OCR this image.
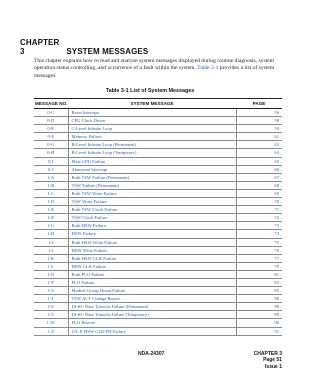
CHAPTER 3	SYSTEM MESSAGES
This chapter explains how to read and analyze system messages displayed during routine diagnosis, system operation status controlling, and occurrence of a fault within the system. Table 3-1 provides a list of system messages.
Table 3-1 List of System Messages
MESSAGE NO.	SYSTEM MESSAGE	PAGE
0-C	Reset Interrupt	56
0-D	CPU Clock Down	58
0-E	C-Level Infinite Loop	59
0-F	Memory Failure	61
0-G	B-Level Infinite Loop (Permanent)	63
0-H	B-Level Infinite Loop (Temporary)	64
0-I	Mate CPU Failure	65
0-J	Abnormal Interrupt	66
1-A	Both TSW Failure (Permanent)	67
1-B	TSW Failure (Permanent)	68
1-C	Both TSW Write Failure	69
1-D	TSW Write Failure	70
1-E	Both TSW Clock Failure	71
1-F	TSW Clock Failure	72
1-G	Both HSW Failure	73
1-H	HSW Failure	74
1-I	Both HSW Write Failure	75
1-J	HSW Write Failure	76
1-K	Both HSW CLK Failure	77
1-L	HSW CLK Failure	79
1-O	Both PLO Failure	81
1-P	PLO Failure	83
1-S	Module Group Down Failure	85
1-T	TSW ACT Change Report	86
1-U	DLKC Data Transfer Failure (Permanent)	88
1-V	DLKC Data Transfer Failure (Temporary)	89
1-W	PLO Restore	90
1-X	LN: E HSW CLK/FH Failure	91
NDA-24307	CHAPTER 3
Page 51
Issue 1
